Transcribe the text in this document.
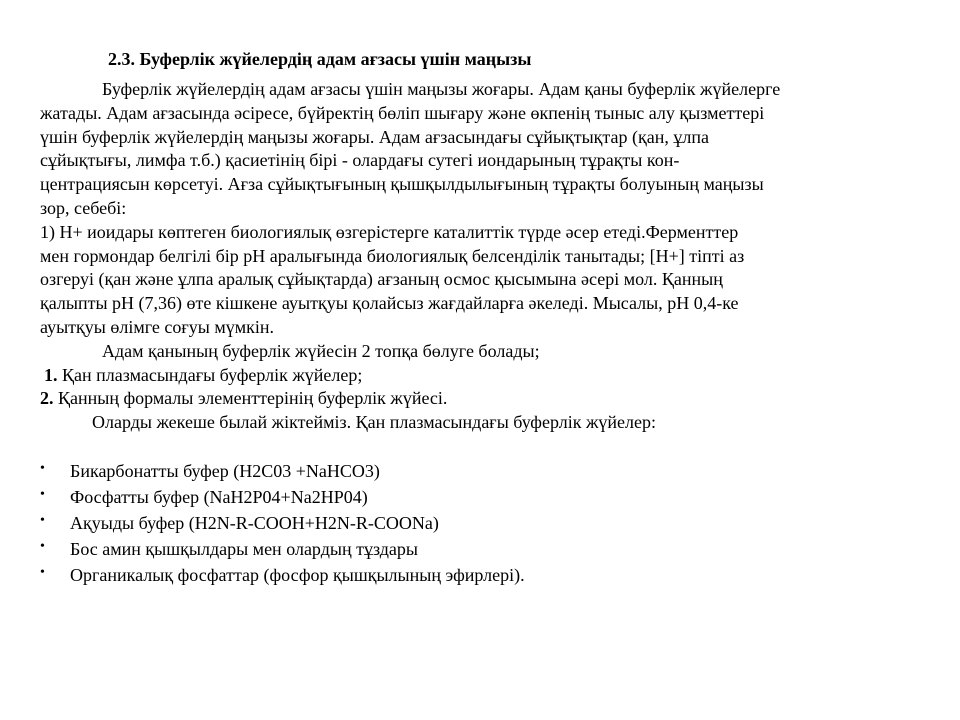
2.3. Буферлік жүйелердің адам ағзасы үшін маңызы
Буферлік жүйелердің адам ағзасы үшін маңызы жоғары. Адам қаны буферлік жүйелерге
жатады. Адам ағзасында әсіресе, бүйректің бөліп шығару және өкпенің тыныс алу қызметтері
үшін буферлік жүйелердің маңызы жоғары. Адам ағзасындағы сұйықтықтар (қан, ұлпа
сұйықтығы, лимфа т.б.) қасиетінің бірі - олардағы сутегі иондарының тұрақты кон-
центрациясын көрсетуі. Ағза сұйықтығының қышқылдылығының тұрақты болуының маңызы
зор, себебі:
1) H+ иоидары көптеген биологиялық өзгерістерге каталиттік түрде әсер етеді.Ферменттер
мен гормондар белгілі бір рН аралығында биологиялық белсенділік танытады; [Н+] тіпті аз
озгеруі (қан және ұлпа аралық сұйықтарда) ағзаның осмос қысымына әсері мол. Қанның
қалыпты рН (7,36) өте кішкене ауытқуы қолайсыз жағдайларға әкеледі. Мысалы, рН 0,4-ке
ауытқуы өлімге соғуы мүмкін.
Адам қанының буферлік жүйесін 2 топқа бөлуге болады;
1. Қан плазмасындағы буферлік жүйелер;
2. Қанның формалы элементтерінің буферлік жүйесі.
Оларды жекеше былай жіктейміз. Қан плазмасындағы буферлік жүйелер:
• Бикарбонатты буфер (Н2С03 +NaHCO3)
• Фосфатты буфер (NaH2P04+Na2HP04)
• Ақуыды буфер (H2N-R-COOH+H2N-R-COONa)
• Бос амин қышқылдары мен олардың тұздары
• Органикалық фосфаттар (фосфор қышқылының эфирлері).
